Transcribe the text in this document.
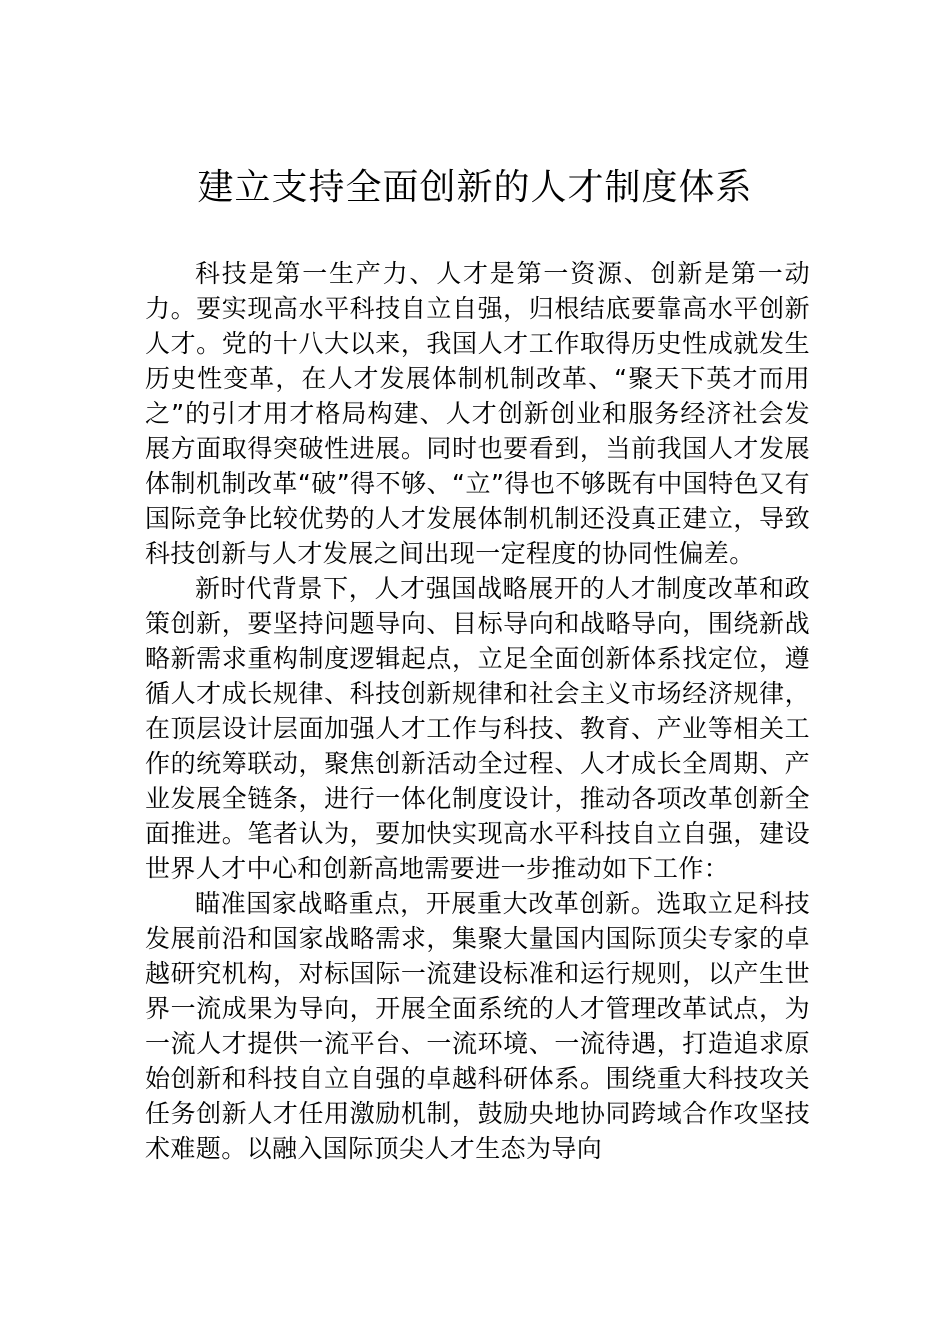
建立支持全面创新的人才制度体系

科技是第一生产力、人才是第一资源、创新是第一动力。要实现高水平科技自立自强，归根结底要靠高水平创新人才。党的十八大以来，我国人才工作取得历史性成就发生历史性变革，在人才发展体制机制改革、“聚天下英才而用之”的引才用才格局构建、人才创新创业和服务经济社会发展方面取得突破性进展。同时也要看到，当前我国人才发展体制机制改革“破”得不够、“立”得也不够既有中国特色又有国际竞争比较优势的人才发展体制机制还没真正建立，导致科技创新与人才发展之间出现一定程度的协同性偏差。

新时代背景下，人才强国战略展开的人才制度改革和政策创新，要坚持问题导向、目标导向和战略导向，围绕新战略新需求重构制度逻辑起点，立足全面创新体系找定位，遵循人才成长规律、科技创新规律和社会主义市场经济规律，在顶层设计层面加强人才工作与科技、教育、产业等相关工作的统筹联动，聚焦创新活动全过程、人才成长全周期、产业发展全链条，进行一体化制度设计，推动各项改革创新全面推进。笔者认为，要加快实现高水平科技自立自强，建设世界人才中心和创新高地需要进一步推动如下工作：

瞄准国家战略重点，开展重大改革创新。选取立足科技发展前沿和国家战略需求，集聚大量国内国际顶尖专家的卓越研究机构，对标国际一流建设标准和运行规则，以产生世界一流成果为导向，开展全面系统的人才管理改革试点，为一流人才提供一流平台、一流环境、一流待遇，打造追求原始创新和科技自立自强的卓越科研体系。围绕重大科技攻关任务创新人才任用激励机制，鼓励央地协同跨域合作攻坚技术难题。以融入国际顶尖人才生态为导向
